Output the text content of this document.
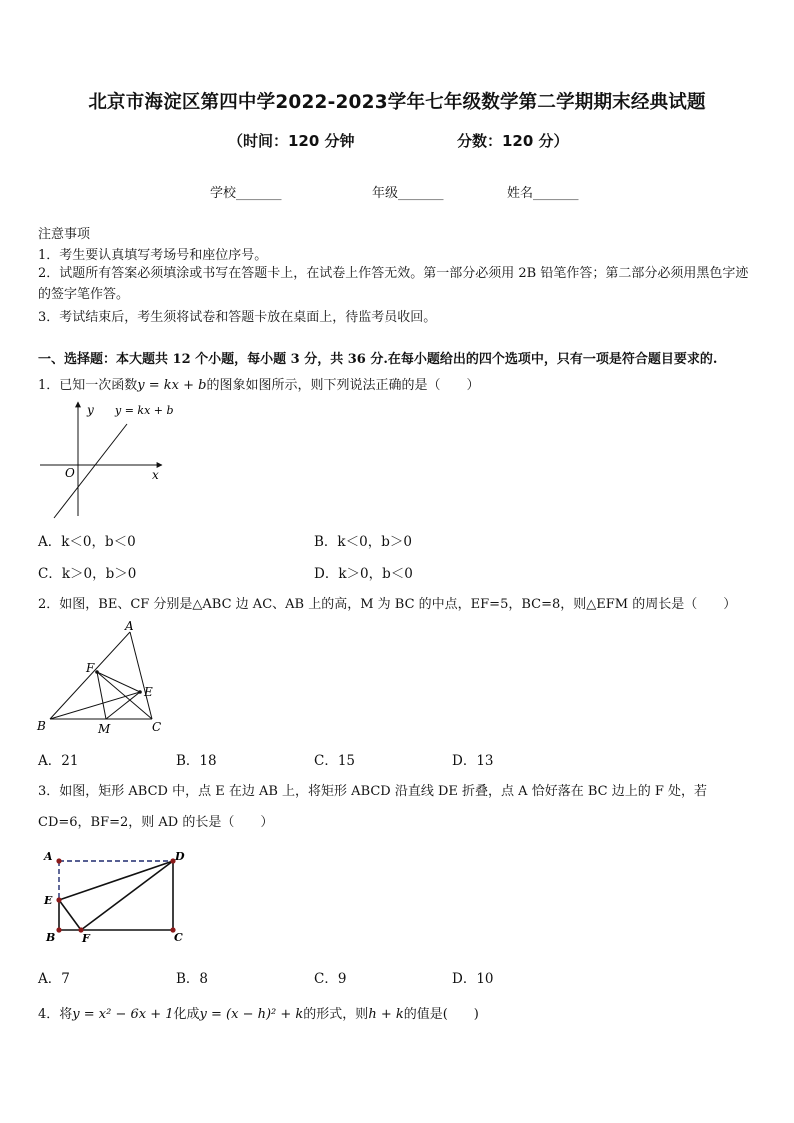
北京市海淀区第四中学2022-2023学年七年级数学第二学期期末经典试题
（时间：120 分钟	分数：120 分）
学校_______	年级_______	姓名_______
注意事项
1．考生要认真填写考场号和座位序号。
2．试题所有答案必须填涂或书写在答题卡上，在试卷上作答无效。第一部分必须用 2B 铅笔作答；第二部分必须用黑色字迹的签字笔作答。
3．考试结束后，考生须将试卷和答题卡放在桌面上，待监考员收回。
一、选择题：本大题共 12 个小题，每小题 3 分，共 36 分.在每小题给出的四个选项中，只有一项是符合题目要求的.
1．已知一次函数y = kx + b的图象如图所示，则下列说法正确的是（　　）
y y = kx + b
O	x
A．k＜0，b＜0	B．k＜0，b＞0
C．k＞0，b＞0	D．k＞0，b＜0
2．如图，BE、CF 分别是△ABC 边 AC、AB 上的高，M 为 BC 的中点，EF=5，BC=8，则△EFM 的周长是（　　）
A
F
E
B	M	C
A．21	B．18	C．15	D．13
3．如图，矩形 ABCD 中，点 E 在边 AB 上，将矩形 ABCD 沿直线 DE 折叠，点 A 恰好落在 BC 边上的 F 处，若
CD=6，BF=2，则 AD 的长是（　　）
A	D
E
B F	C
A．7	B．8	C．9	D．10
4．将y = x² − 6x + 1化成y = (x − h)² + k的形式，则h + k的值是(　　)
